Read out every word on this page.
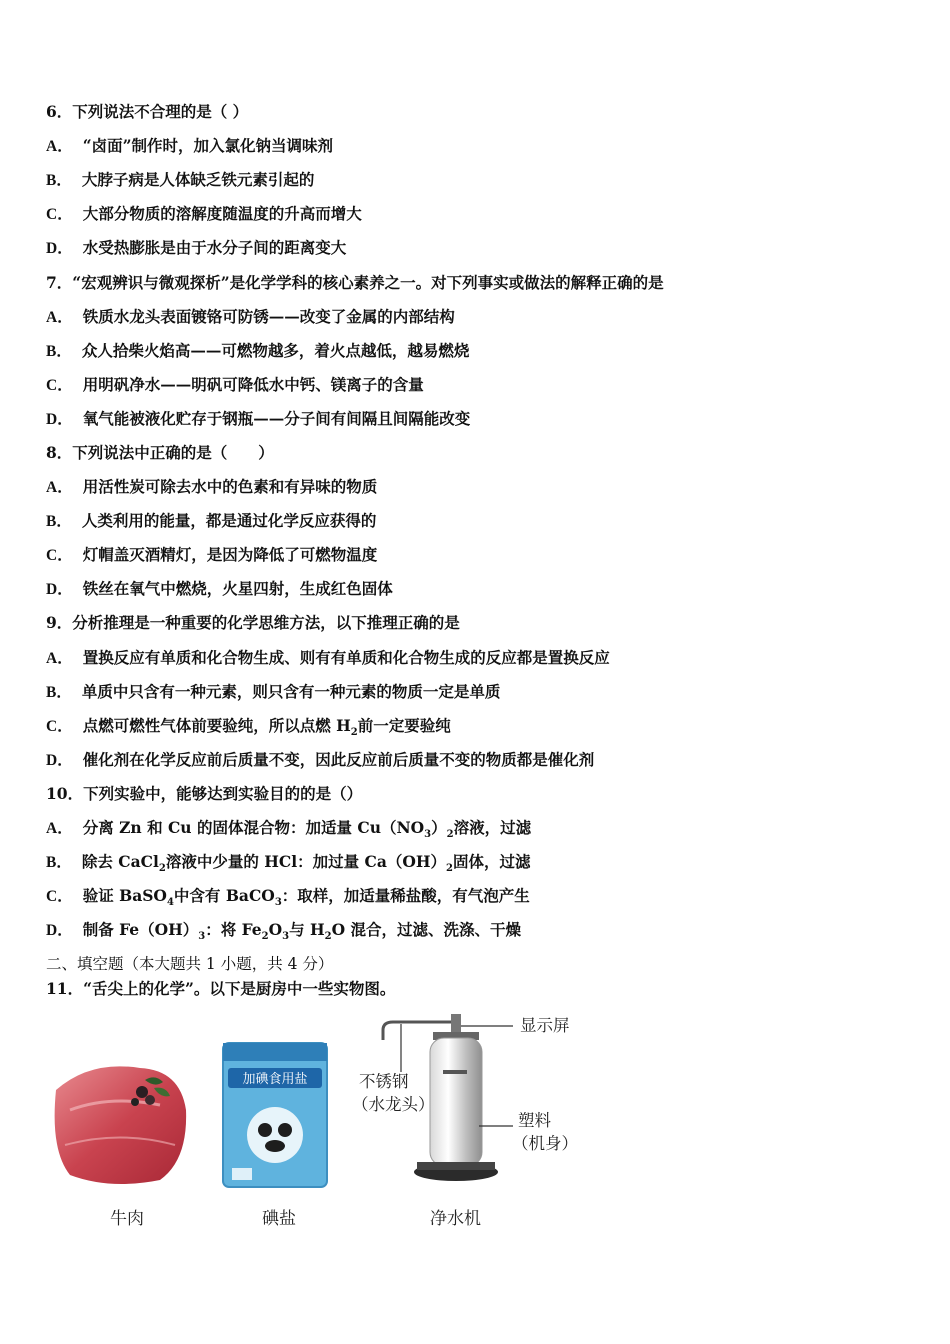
6．下列说法不合理的是（ ）
A． “卤面”制作时，加入氯化钠当调味剂
B． 大脖子病是人体缺乏铁元素引起的
C． 大部分物质的溶解度随温度的升高而增大
D． 水受热膨胀是由于水分子间的距离变大
7．“宏观辨识与微观探析”是化学学科的核心素养之一。对下列事实或做法的解释正确的是
A． 铁质水龙头表面镀铬可防锈——改变了金属的内部结构
B． 众人拾柴火焰高——可燃物越多，着火点越低，越易燃烧
C． 用明矾净水——明矾可降低水中钙、镁离子的含量
D． 氧气能被液化贮存于钢瓶——分子间有间隔且间隔能改变
8．下列说法中正确的是（　　）
A． 用活性炭可除去水中的色素和有异味的物质
B． 人类利用的能量，都是通过化学反应获得的
C． 灯帽盖灭酒精灯，是因为降低了可燃物温度
D． 铁丝在氧气中燃烧，火星四射，生成红色固体
9．分析推理是一种重要的化学思维方法，以下推理正确的是
A． 置换反应有单质和化合物生成、则有有单质和化合物生成的反应都是置换反应
B． 单质中只含有一种元素，则只含有一种元素的物质一定是单质
C． 点燃可燃性气体前要验纯，所以点燃 $H_2$前一定要验纯
D． 催化剂在化学反应前后质量不变，因此反应前后质量不变的物质都是催化剂
10．下列实验中，能够达到实验目的的是（）
A． 分离 Zn 和 Cu 的固体混合物：加适量 $Cu(NO_3)_2$溶液，过滤
B． 除去 CaCl$_2$溶液中少量的 HCl：加过量 $Ca(OH)_2$固体，过滤
C． 验证 BaSO$_4$中含有 BaCO$_3$：取样，加适量稀盐酸，有气泡产生
D． 制备 $Fe(OH)_3$：将 $Fe_2O_3$与 $H_2O$ 混合，过滤、洗涤、干燥
二、填空题（本大题共 1 小题，共 4 分）
11．“舌尖上的化学”。以下是厨房中一些实物图。
牛肉
加碘食用盐
碘盐
显示屏
不锈钢
（水龙头）
塑料
（机身）
净水机
